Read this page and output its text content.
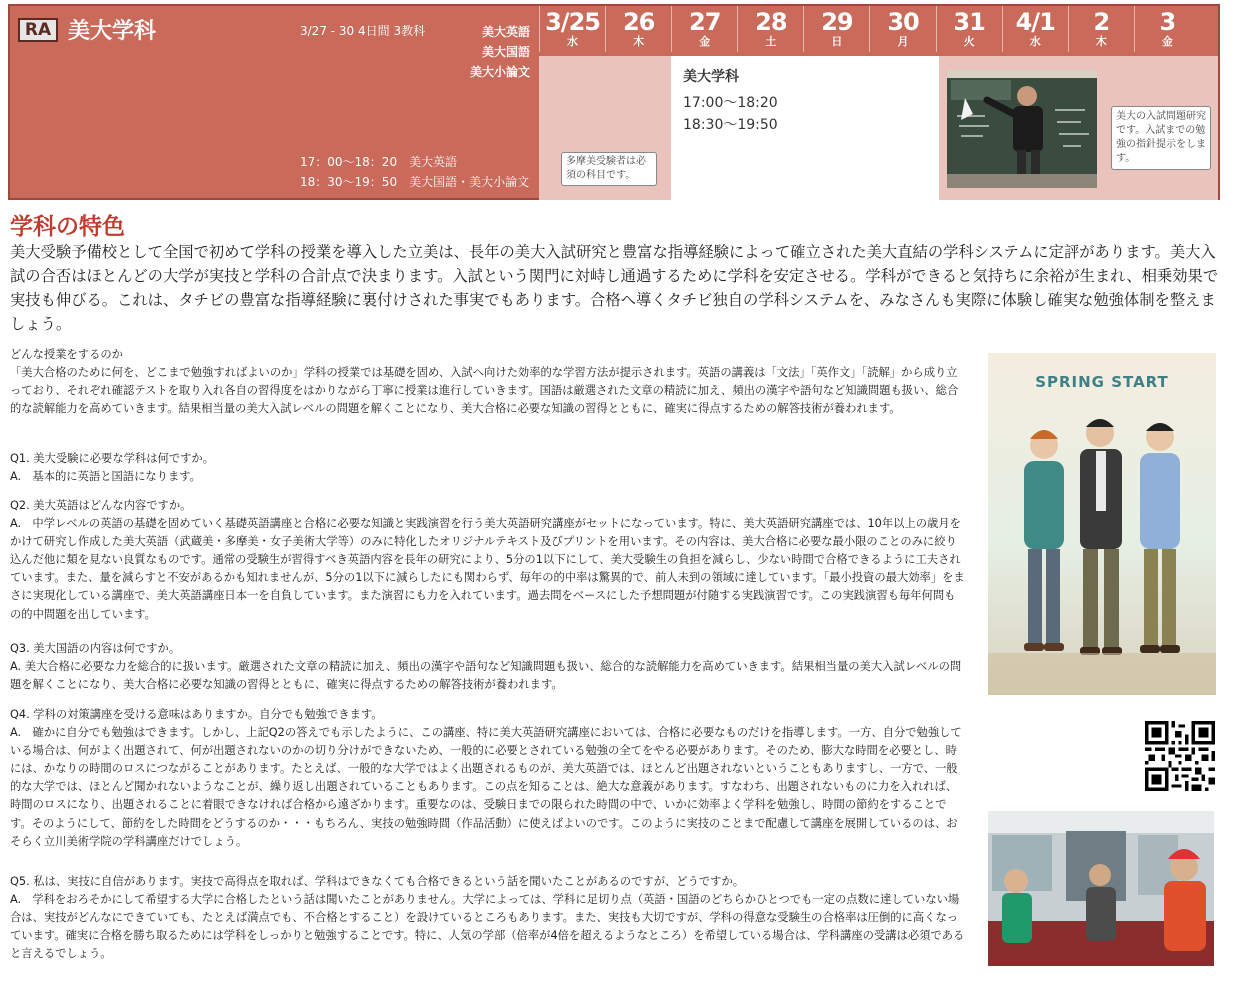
RA 美大学科	3/27 - 30 4日間 3教科	美大英語
美大国語
美大小論文
17：00〜18：20　美大英語
18：30〜19：50　美大国語・美大小論文
3/25
水
26
木
27
金
28
土
29
日
30
月
31
火
4/1
水
2
木
3
金
多摩美受験者は必須の科目です。
美大学科
17:00〜18:20
18:30〜19:50
美大の入試問題研究です。入試までの勉強の指針提示をします。
学科の特色
美大受験予備校として全国で初めて学科の授業を導入した立美は、長年の美大入試研究と豊富な指導経験によって確立された美大直結の学科システムに定評があります。美大入試の合否はほとんどの大学が実技と学科の合計点で決まります。入試という関門に対峙し通過するために学科を安定させる。学科ができると気持ちに余裕が生まれ、相乗効果で実技も伸びる。これは、タチビの豊富な指導経験に裏付けされた事実でもあります。合格へ導くタチビ独自の学科システムを、みなさんも実際に体験し確実な勉強体制を整えましょう。

どんな授業をするのか

「美大合格のために何を、どこまで勉強すればよいのか」学科の授業では基礎を固め、入試へ向けた効率的な学習方法が提示されます。英語の講義は「文法」「英作文」「読解」から成り立っており、それぞれ確認テストを取り入れ各自の習得度をはかりながら丁寧に授業は進行していきます。国語は厳選された文章の精読に加え、頻出の漢字や語句など知識問題も扱い、総合的な読解能力を高めていきます。結果相当量の美大入試レベルの問題を解くことになり、美大合格に必要な知識の習得とともに、確実に得点するための解答技術が養われます。

Q1. 美大受験に必要な学科は何ですか。

A.　基本的に英語と国語になります。

Q2. 美大英語はどんな内容ですか。

A.　中学レベルの英語の基礎を固めていく基礎英語講座と合格に必要な知識と実践演習を行う美大英語研究講座がセットになっています。特に、美大英語研究講座では、10年以上の歳月をかけて研究し作成した美大英語（武蔵美・多摩美・女子美術大学等）のみに特化したオリジナルテキスト及びプリントを用います。その内容は、美大合格に必要な最小限のことのみに絞り込んだ他に類を見ない良質なものです。通常の受験生が習得すべき英語内容を長年の研究により、5分の1以下にして、美大受験生の負担を減らし、少ない時間で合格できるように工夫されています。また、量を減らすと不安があるかも知れませんが、5分の1以下に減らしたにも関わらず、毎年の的中率は驚異的で、前人未到の領域に達しています。「最小投資の最大効率」をまさに実現化している講座で、美大英語講座日本一を自負しています。また演習にも力を入れています。過去問をベースにした予想問題が付随する実践演習です。この実践演習も毎年何問もの的中問題を出しています。

Q3. 美大国語の内容は何ですか。

A. 美大合格に必要な力を総合的に扱います。厳選された文章の精読に加え、頻出の漢字や語句など知識問題も扱い、総合的な読解能力を高めていきます。結果相当量の美大入試レベルの問題を解くことになり、美大合格に必要な知識の習得とともに、確実に得点するための解答技術が養われます。

Q4. 学科の対策講座を受ける意味はありますか。自分でも勉強できます。

A.　確かに自分でも勉強はできます。しかし、上記Q2の答えでも示したように、この講座、特に美大英語研究講座においては、合格に必要なものだけを指導します。一方、自分で勉強している場合は、何がよく出題されて、何が出題されないのかの切り分けができないため、一般的に必要とされている勉強の全てをやる必要があります。そのため、膨大な時間を必要とし、時には、かなりの時間のロスにつながることがあります。たとえば、一般的な大学ではよく出題されるものが、美大英語では、ほとんど出題されないということもありますし、一方で、一般的な大学では、ほとんど聞かれないようなことが、繰り返し出題されていることもあります。この点を知ることは、絶大な意義があります。すなわち、出題されないものに力を入れれば、時間のロスになり、出題されることに着眼できなければ合格から遠ざかります。重要なのは、受験日までの限られた時間の中で、いかに効率よく学科を勉強し、時間の節約をすることです。そのようにして、節約をした時間をどうするのか・・・もちろん、実技の勉強時間（作品活動）に使えばよいのです。このように実技のことまで配慮して講座を展開しているのは、おそらく立川美術学院の学科講座だけでしょう。

Q5. 私は、実技に自信があります。実技で高得点を取れば、学科はできなくても合格できるという話を聞いたことがあるのですが、どうですか。

A.　学科をおろそかにして希望する大学に合格したという話は聞いたことがありません。大学によっては、学科に足切り点（英語・国語のどちらかひとつでも一定の点数に達していない場合は、実技がどんなにできていても、たとえば満点でも、不合格とすること）を設けているところもあります。また、実技も大切ですが、学科の得意な受験生の合格率は圧倒的に高くなっています。確実に合格を勝ち取るためには学科をしっかりと勉強することです。特に、人気の学部（倍率が4倍を超えるようなところ）を希望している場合は、学科講座の受講は必須であると言えるでしょう。

SPRING START
